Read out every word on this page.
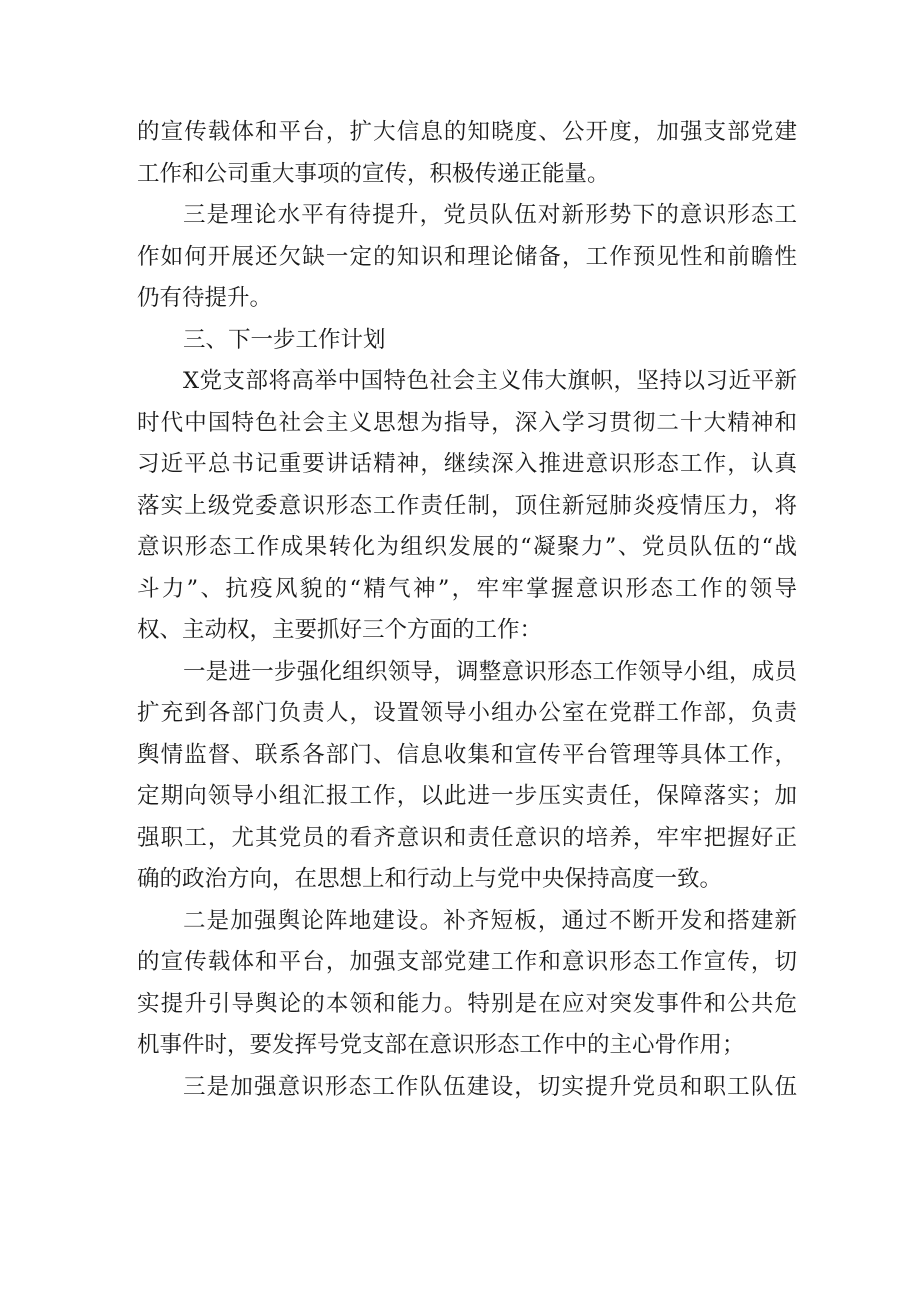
的宣传载体和平台，扩大信息的知晓度、公开度，加强支部党建
工作和公司重大事项的宣传，积极传递正能量。
三是理论水平有待提升，党员队伍对新形势下的意识形态工
作如何开展还欠缺一定的知识和理论储备，工作预见性和前瞻性
仍有待提升。
三、下一步工作计划
X党支部将高举中国特色社会主义伟大旗帜，坚持以习近平新
时代中国特色社会主义思想为指导，深入学习贯彻二十大精神和
习近平总书记重要讲话精神，继续深入推进意识形态工作，认真
落实上级党委意识形态工作责任制，顶住新冠肺炎疫情压力，将
意识形态工作成果转化为组织发展的“凝聚力”、党员队伍的“战
斗力”、抗疫风貌的“精气神”，牢牢掌握意识形态工作的领导
权、主动权，主要抓好三个方面的工作：
一是进一步强化组织领导，调整意识形态工作领导小组，成员
扩充到各部门负责人，设置领导小组办公室在党群工作部，负责
舆情监督、联系各部门、信息收集和宣传平台管理等具体工作，
定期向领导小组汇报工作，以此进一步压实责任，保障落实；加
强职工，尤其党员的看齐意识和责任意识的培养，牢牢把握好正
确的政治方向，在思想上和行动上与党中央保持高度一致。
二是加强舆论阵地建设。补齐短板，通过不断开发和搭建新
的宣传载体和平台，加强支部党建工作和意识形态工作宣传，切
实提升引导舆论的本领和能力。特别是在应对突发事件和公共危
机事件时，要发挥号党支部在意识形态工作中的主心骨作用；
三是加强意识形态工作队伍建设，切实提升党员和职工队伍
